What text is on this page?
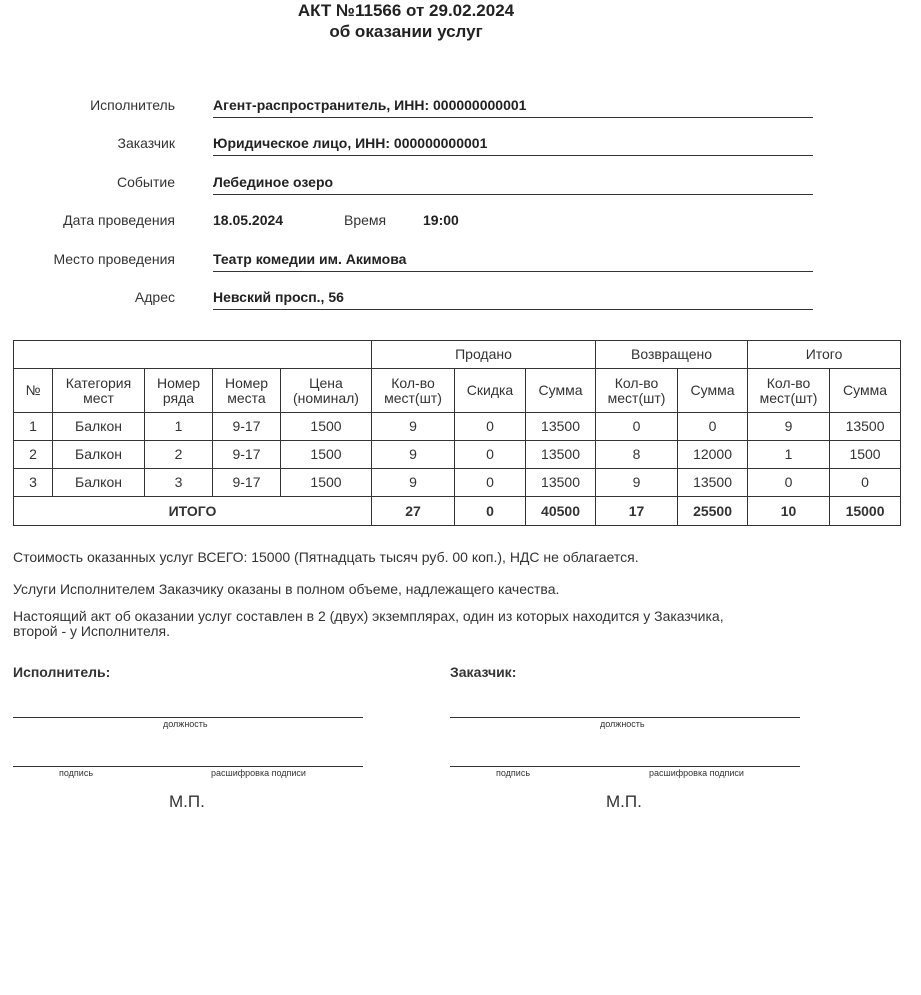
АКТ №11566 от 29.02.2024
об оказании услуг
Исполнитель	Агент-распространитель, ИНН: 000000000001
Заказчик	Юридическое лицо, ИНН: 000000000001
Событие	Лебединое озеро
Дата проведения	18.05.2024	Время	19:00
Место проведения	Театр комедии им. Акимова
Адрес	Невский просп., 56
					Продано			Возвращено		Итого	
№	Категория мест	Номер ряда	Номер места	Цена (номинал)	Кол-во мест(шт)	Скидка	Сумма	Кол-во мест(шт)	Сумма	Кол-во мест(шт)	Сумма
1	Балкон	1	9-17	1500	9	0	13500	0	0	9	13500
2	Балкон	2	9-17	1500	9	0	13500	8	12000	1	1500
3	Балкон	3	9-17	1500	9	0	13500	9	13500	0	0
ИТОГО					27	0	40500	17	25500	10	15000
Стоимость оказанных услуг ВСЕГО: 15000 (Пятнадцать тысяч руб. 00 коп.), НДС не облагается.
Услуги Исполнителем Заказчику оказаны в полном объеме, надлежащего качества.
Настоящий акт об оказании услуг составлен в 2 (двух) экземплярах, один из которых находится у Заказчика,
второй - у Исполнителя.
Исполнитель:
должность
подпись	расшифровка подписи
М.П.
Заказчик:
должность
подпись	расшифровка подписи
М.П.
